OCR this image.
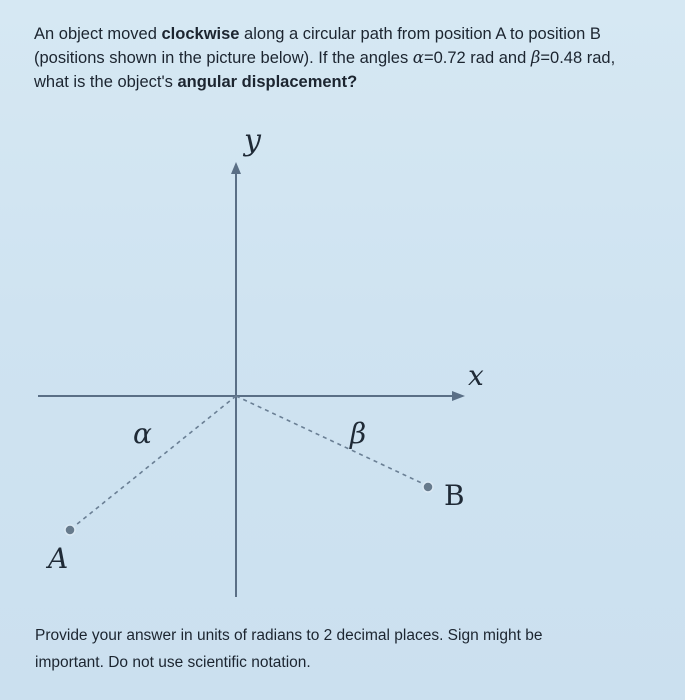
An object moved clockwise along a circular path from position A to position B
(positions shown in the picture below). If the angles α=0.72 rad and β=0.48 rad,
what is the object's angular displacement?
y
x
α	β
A
B
Provide your answer in units of radians to 2 decimal places. Sign might be
important. Do not use scientific notation.
